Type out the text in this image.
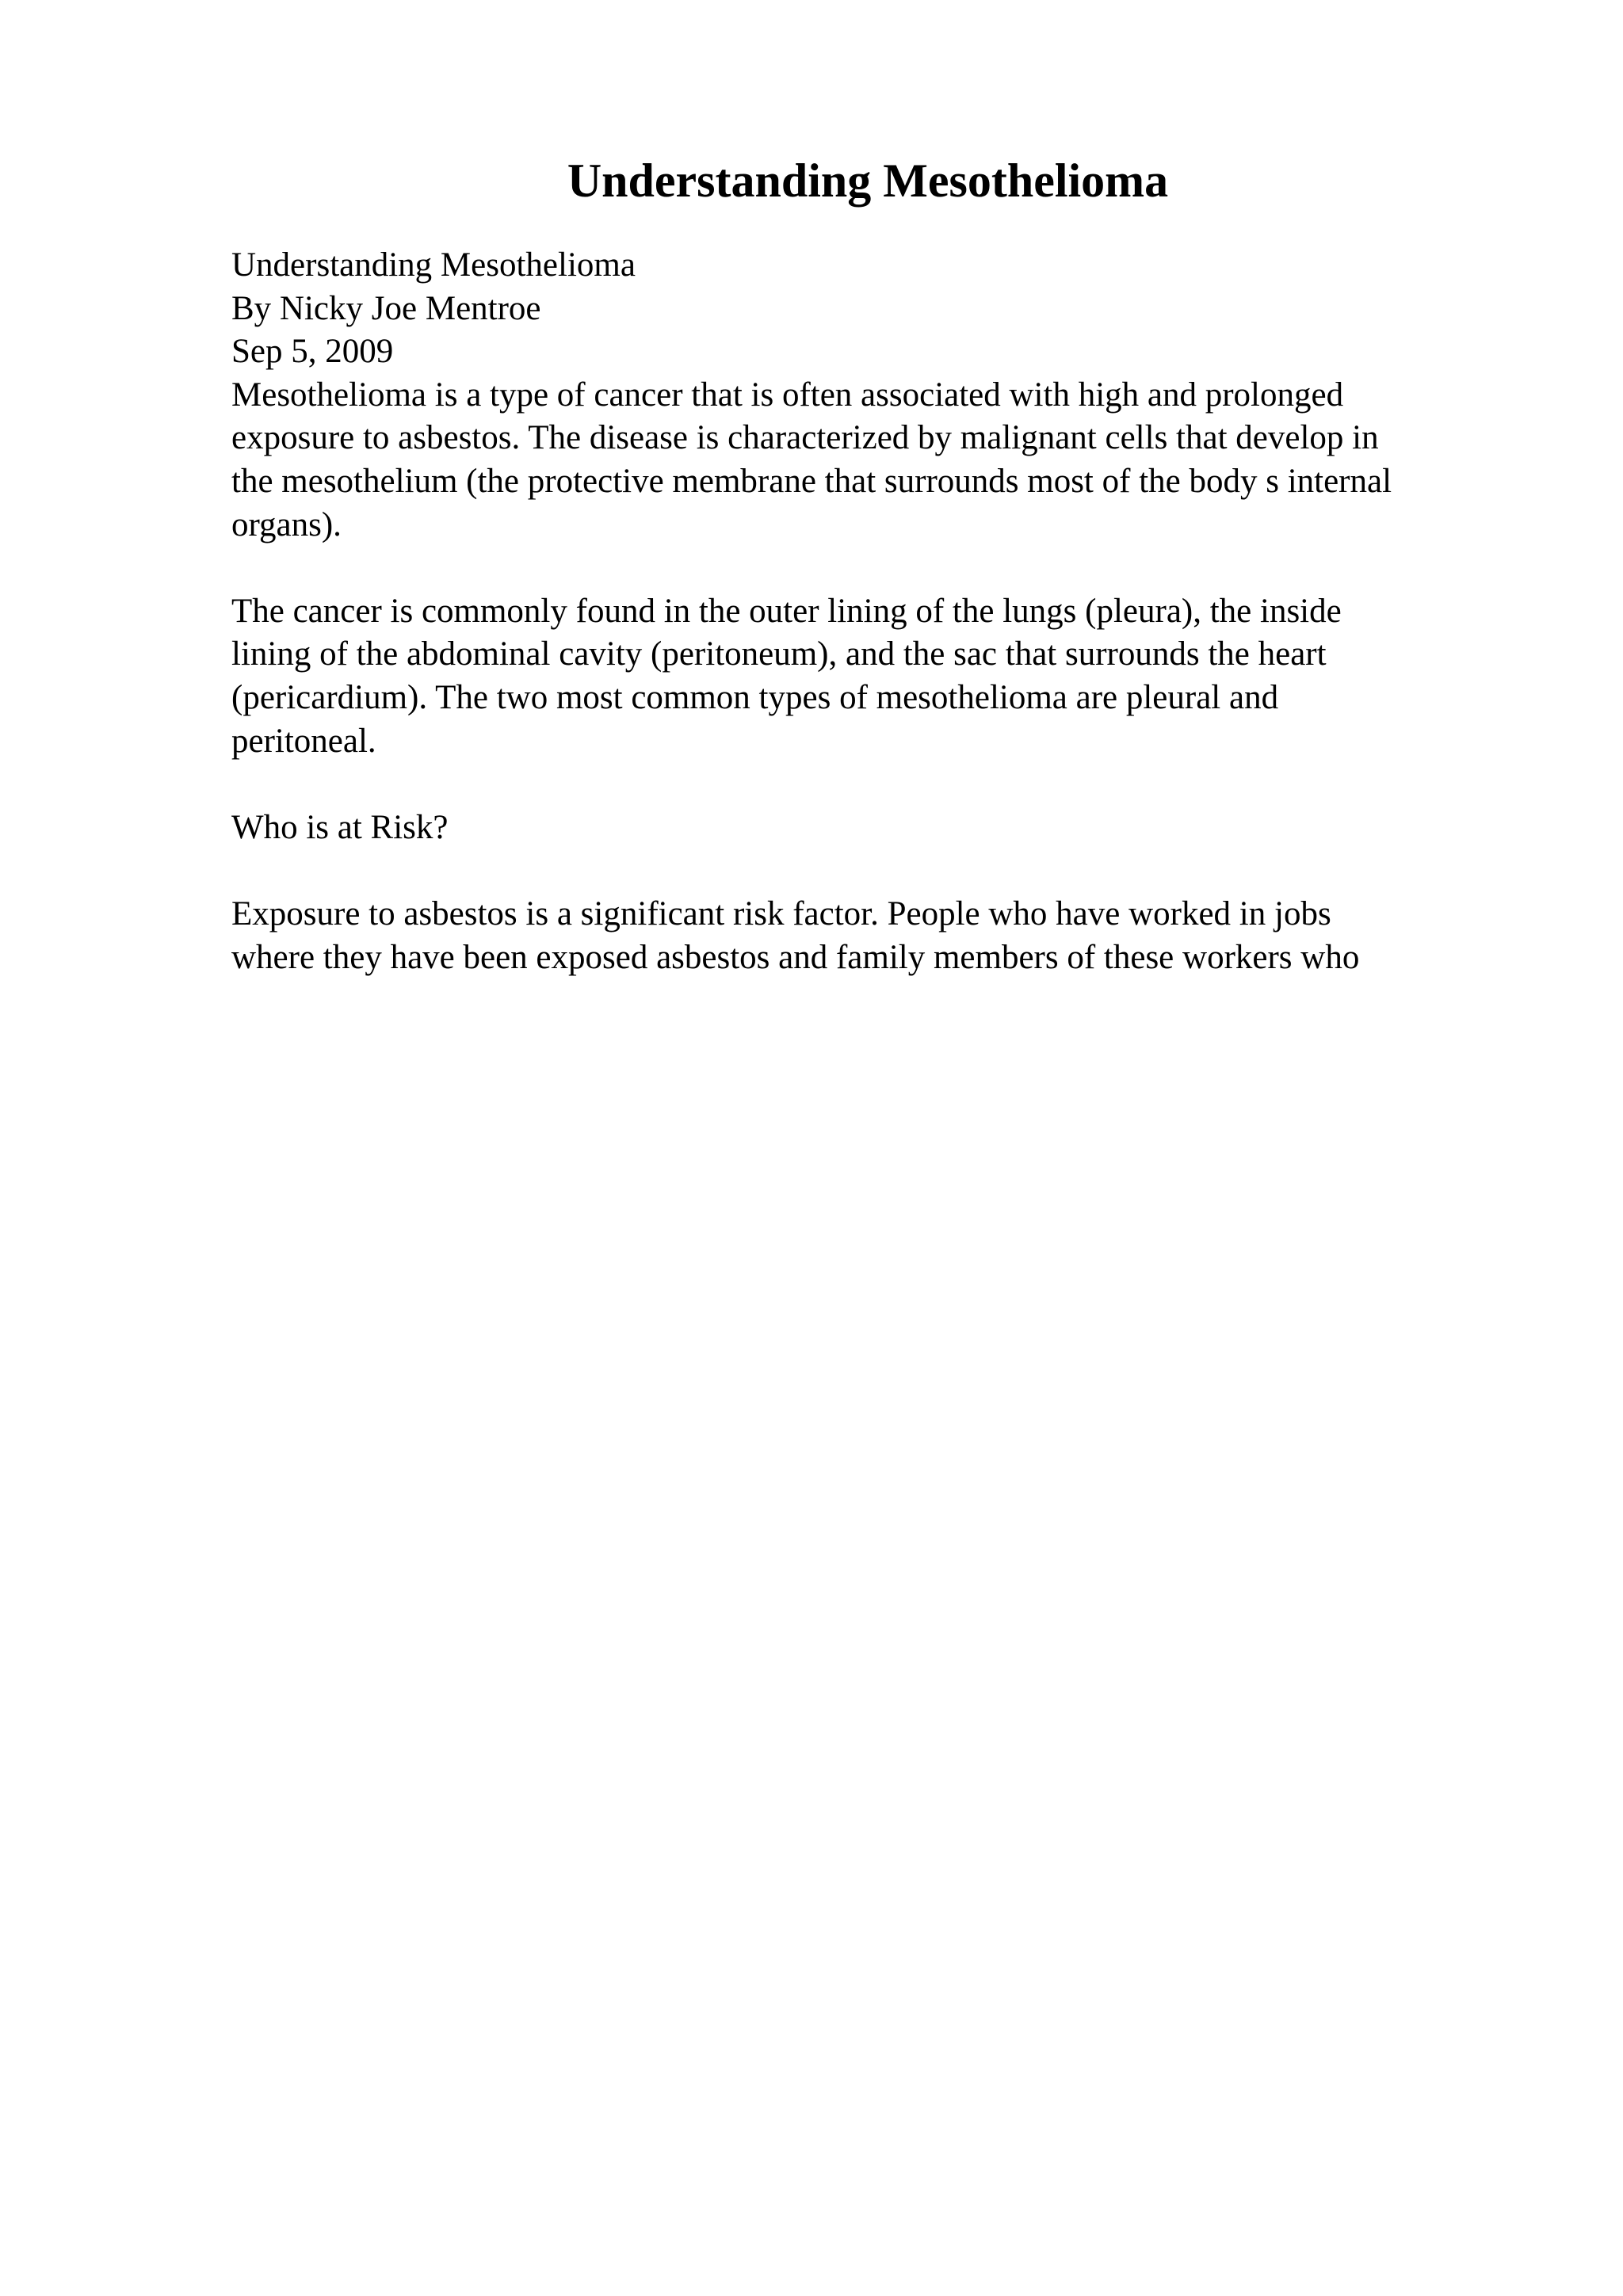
Understanding Mesothelioma
Understanding Mesothelioma
By Nicky Joe Mentroe
Sep 5, 2009
Mesothelioma is a type of cancer that is often associated with high and prolonged
exposure to asbestos. The disease is characterized by malignant cells that develop in
the mesothelium (the protective membrane that surrounds most of the body s internal
organs).
The cancer is commonly found in the outer lining of the lungs (pleura), the inside
lining of the abdominal cavity (peritoneum), and the sac that surrounds the heart
(pericardium). The two most common types of mesothelioma are pleural and
peritoneal.
Who is at Risk?
Exposure to asbestos is a significant risk factor. People who have worked in jobs
where they have been exposed asbestos and family members of these workers who
